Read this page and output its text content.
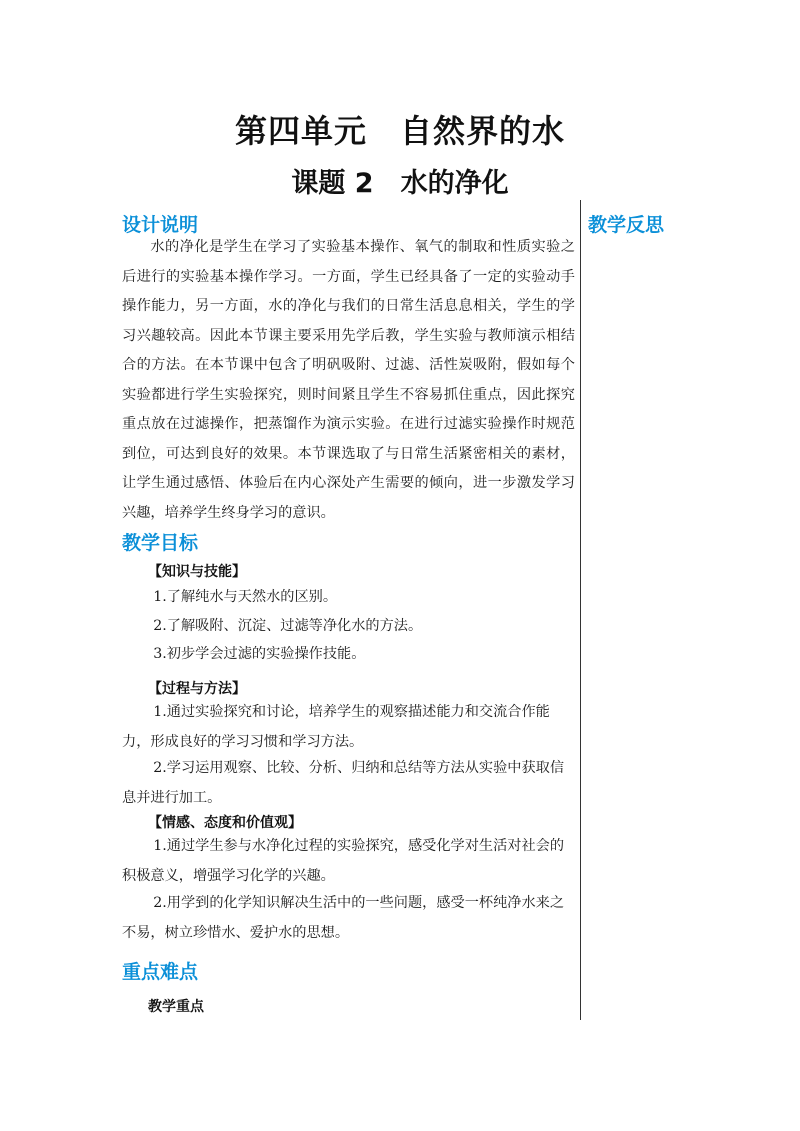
第四单元　自然界的水
课题 2　水的净化
教学反思
设计说明

水的净化是学生在学习了实验基本操作、氧气的制取和性质实验之后进行的实验基本操作学习。一方面，学生已经具备了一定的实验动手操作能力，另一方面，水的净化与我们的日常生活息息相关，学生的学习兴趣较高。因此本节课主要采用先学后教，学生实验与教师演示相结合的方法。在本节课中包含了明矾吸附、过滤、活性炭吸附，假如每个实验都进行学生实验探究，则时间紧且学生不容易抓住重点，因此探究重点放在过滤操作，把蒸馏作为演示实验。在进行过滤实验操作时规范到位，可达到良好的效果。本节课选取了与日常生活紧密相关的素材，让学生通过感悟、体验后在内心深处产生需要的倾向，进一步激发学习兴趣，培养学生终身学习的意识。

教学目标
【知识与技能】

1.了解纯水与天然水的区别。

2.了解吸附、沉淀、过滤等净化水的方法。

3.初步学会过滤的实验操作技能。

【过程与方法】

1.通过实验探究和讨论，培养学生的观察描述能力和交流合作能力，形成良好的学习习惯和学习方法。

2.学习运用观察、比较、分析、归纳和总结等方法从实验中获取信息并进行加工。

【情感、态度和价值观】

1.通过学生参与水净化过程的实验探究，感受化学对生活对社会的积极意义，增强学习化学的兴趣。

2.用学到的化学知识解决生活中的一些问题，感受一杯纯净水来之不易，树立珍惜水、爱护水的思想。

重点难点
教学重点
